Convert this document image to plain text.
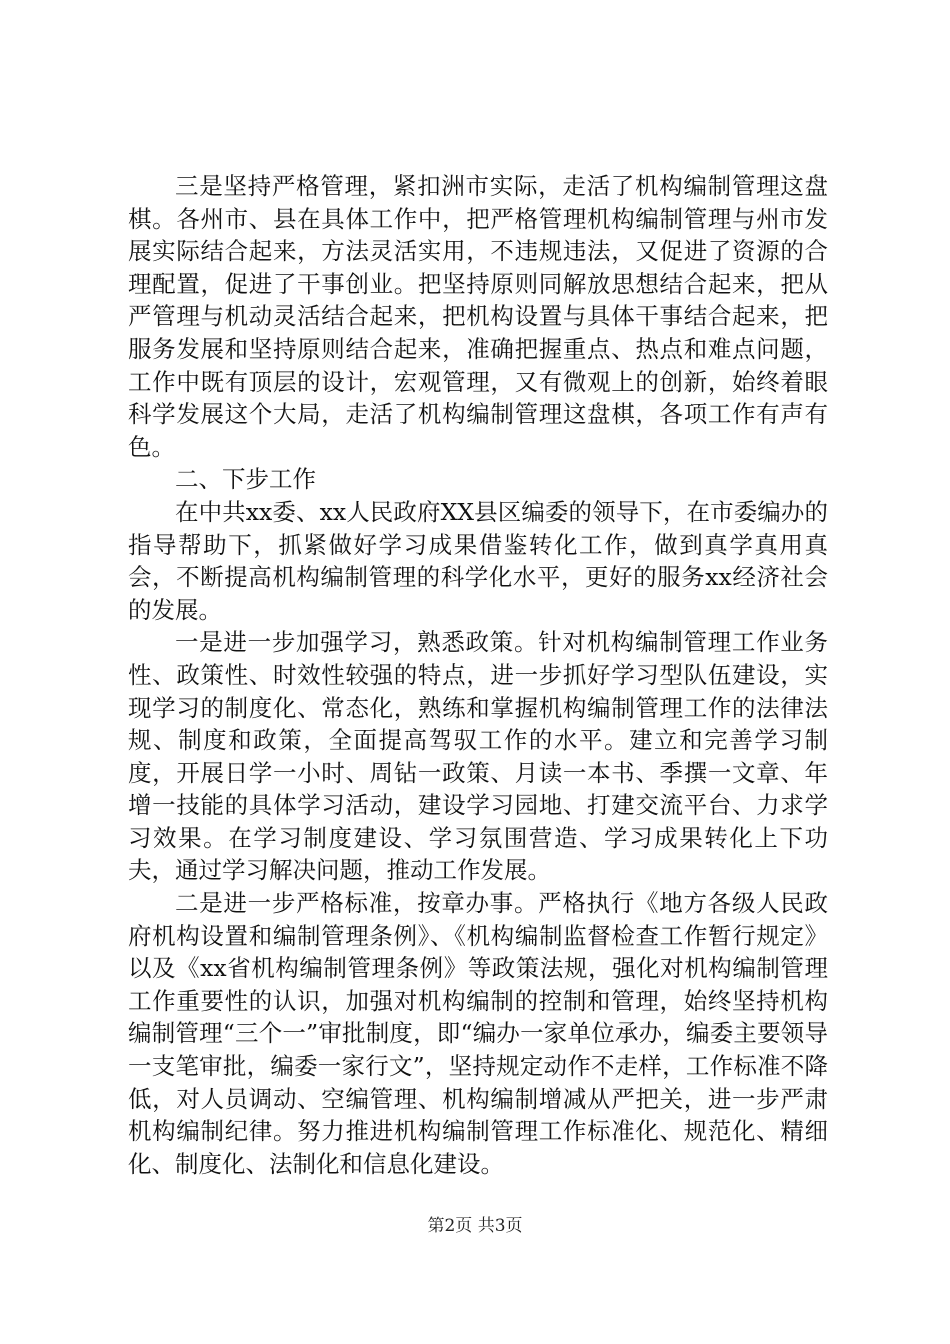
三是坚持严格管理，紧扣洲市实际，走活了机构编制管理这盘棋。各州市、县在具体工作中，把严格管理机构编制管理与州市发展实际结合起来，方法灵活实用，不违规违法，又促进了资源的合理配置，促进了干事创业。把坚持原则同解放思想结合起来，把从严管理与机动灵活结合起来，把机构设置与具体干事结合起来，把服务发展和坚持原则结合起来，准确把握重点、热点和难点问题，工作中既有顶层的设计，宏观管理，又有微观上的创新，始终着眼科学发展这个大局，走活了机构编制管理这盘棋，各项工作有声有色。

二、下步工作

在中共xx委、xx人民政府XX县区编委的领导下，在市委编办的指导帮助下，抓紧做好学习成果借鉴转化工作，做到真学真用真会，不断提高机构编制管理的科学化水平，更好的服务xx经济社会的发展。

一是进一步加强学习，熟悉政策。针对机构编制管理工作业务性、政策性、时效性较强的特点，进一步抓好学习型队伍建设，实现学习的制度化、常态化，熟练和掌握机构编制管理工作的法律法规、制度和政策，全面提高驾驭工作的水平。建立和完善学习制度，开展日学一小时、周钻一政策、月读一本书、季撰一文章、年增一技能的具体学习活动，建设学习园地、打建交流平台、力求学习效果。在学习制度建设、学习氛围营造、学习成果转化上下功夫，通过学习解决问题，推动工作发展。

二是进一步严格标准，按章办事。严格执行《地方各级人民政府机构设置和编制管理条例》、《机构编制监督检查工作暂行规定》以及《xx省机构编制管理条例》等政策法规，强化对机构编制管理工作重要性的认识，加强对机构编制的控制和管理，始终坚持机构编制管理“三个一”审批制度，即“编办一家单位承办，编委主要领导一支笔审批，编委一家行文”，坚持规定动作不走样，工作标准不降低，对人员调动、空编管理、机构编制增减从严把关，进一步严肃机构编制纪律。努力推进机构编制管理工作标准化、规范化、精细化、制度化、法制化和信息化建设。

第2页 共3页
